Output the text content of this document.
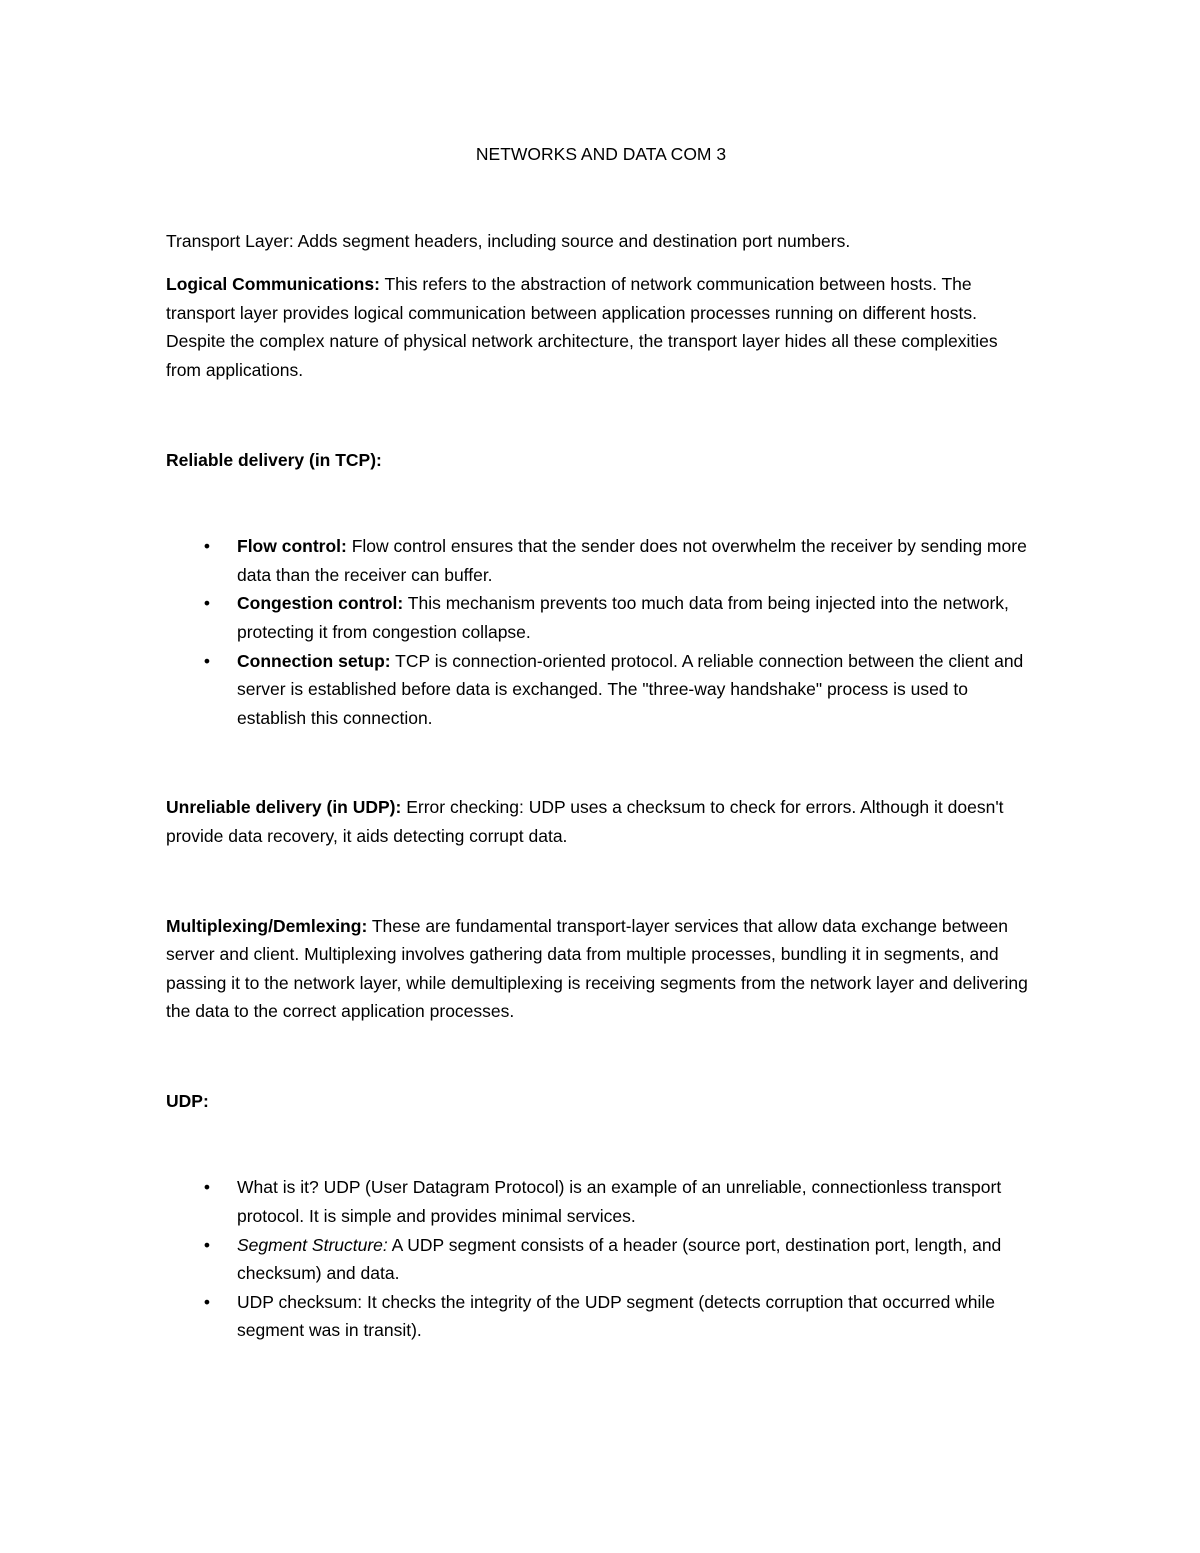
NETWORKS AND DATA COM 3

Transport Layer: Adds segment headers, including source and destination port numbers.

Logical Communications: This refers to the abstraction of network communication between hosts. The transport layer provides logical communication between application processes running on different hosts. Despite the complex nature of physical network architecture, the transport layer hides all these complexities from applications.

Reliable delivery (in TCP):

• Flow control: Flow control ensures that the sender does not overwhelm the receiver by sending more data than the receiver can buffer.
• Congestion control: This mechanism prevents too much data from being injected into the network, protecting it from congestion collapse.
• Connection setup: TCP is connection-oriented protocol. A reliable connection between the client and server is established before data is exchanged. The "three-way handshake" process is used to establish this connection.

Unreliable delivery (in UDP): Error checking: UDP uses a checksum to check for errors. Although it doesn't provide data recovery, it aids detecting corrupt data.

Multiplexing/Demlexing: These are fundamental transport-layer services that allow data exchange between server and client. Multiplexing involves gathering data from multiple processes, bundling it in segments, and passing it to the network layer, while demultiplexing is receiving segments from the network layer and delivering the data to the correct application processes.

UDP:

• What is it? UDP (User Datagram Protocol) is an example of an unreliable, connectionless transport protocol. It is simple and provides minimal services.
• Segment Structure: A UDP segment consists of a header (source port, destination port, length, and checksum) and data.
• UDP checksum: It checks the integrity of the UDP segment (detects corruption that occurred while segment was in transit).
